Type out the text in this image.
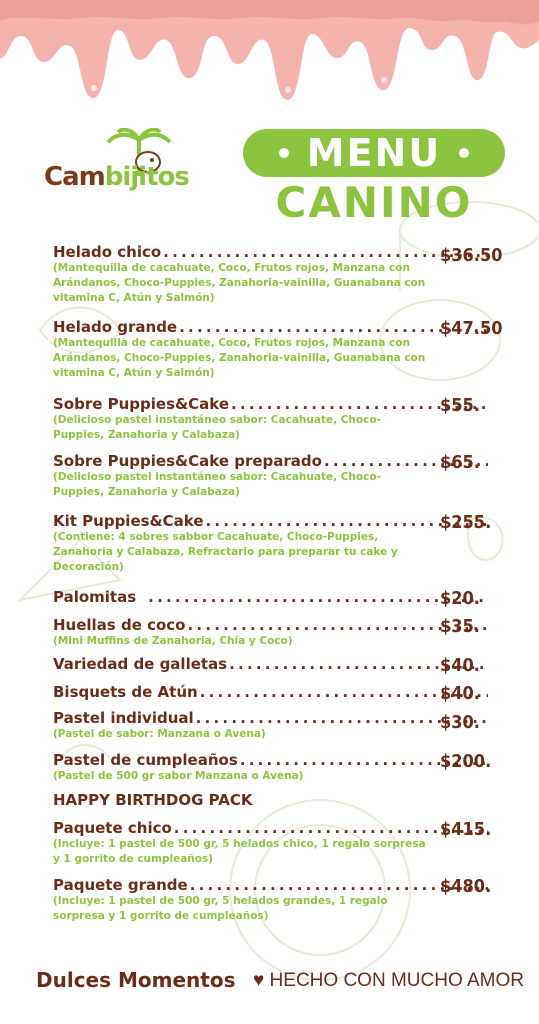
Cambijitos
MENU
CANINO
Helado chico . . .	$36.50
(Mantequilla de cacahuate, Coco, Frutos rojos, Manzana con Arándanos, Choco-Puppies, Zanahoria-vainilla, Guanabana con vitamina C, Atún y Salmón)
Helado grande . . .	$47.50
(Mantequilla de cacahuate, Coco, Frutos rojos, Manzana con Arándanos, Choco-Puppies, Zanahoria-vainilla, Guanabana con vitamina C, Atún y Salmón)
Sobre Puppies&Cake . . .	$55.
(Delicioso pastel instantáneo sabor: Cacahuate, Choco-Puppies, Zanahoria y Calabaza)
Sobre Puppies&Cake preparado . . .	$65.
(Delicioso pastel instantáneo sabor: Cacahuate, Choco-Puppies, Zanahoria y Calabaza)
Kit Puppies&Cake . . .	$255.
(Contiene: 4 sobres sabbor Cacahuate, Choco-Puppies, Zanahoria y Calabaza, Refractario para preparar tu cake y Decoración)
Palomitas . . .	$20.
Huellas de coco . . .	$35.
(Mini Muffins de Zanahoria, Chía y Coco)
Variedad de galletas . . .	$40.
Bisquets de Atún . . .	$40.
Pastel individual . . .	$30.
(Pastel de sabor: Manzana o Avena)
Pastel de cumpleaños . . .	$200.
(Pastel de 500 gr sabor Manzana o Avena)
HAPPY BIRTHDOG PACK
Paquete chico . . .	$415.
(Incluye: 1 pastel de 500 gr, 5 helados chico, 1 regalo sorpresa y 1 gorrito de cumpleaños)
Paquete grande . . .	$480.
(Incluye: 1 pastel de 500 gr, 5 helados grandes, 1 regalo sorpresa y 1 gorrito de cumpleaños)
Dulces Momentos ♥ HECHO CON MUCHO AMOR
